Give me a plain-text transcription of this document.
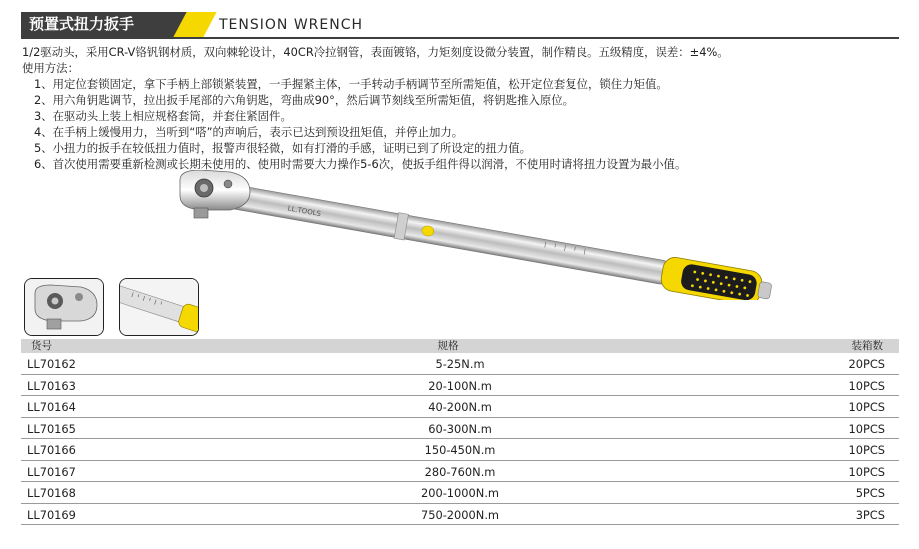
预置式扭力扳手	TENSION WRENCH

1/2驱动头，采用CR-V铬钒钢材质，双向棘轮设计，40CR冷拉钢管，表面镀铬，力矩刻度设微分装置，制作精良。五级精度，误差：±4%。

使用方法：

1、用定位套锁固定，拿下手柄上部锁紧装置，一手握紧主体，一手转动手柄调节至所需矩值，松开定位套复位，锁住力矩值。
2、用六角钥匙调节，拉出扳手尾部的六角钥匙，弯曲成90°，然后调节刻线至所需矩值，将钥匙推入原位。
3、在驱动头上装上相应规格套筒，并套住紧固件。
4、在手柄上缓慢用力，当听到“嗒”的声响后，表示已达到预设扭矩值，并停止加力。
5、小扭力的扳手在较低扭力值时，报警声很轻微，如有打滑的手感，证明已到了所设定的扭力值。
6、首次使用需要重新检测或长期未使用的、使用时需要大力操作5-6次，使扳手组件得以润滑，不使用时请将扭力设置为最小值。
LL.TOOLS
货号	规格	装箱数
LL70162	5-25N.m	20PCS
LL70163	20-100N.m	10PCS
LL70164	40-200N.m	10PCS
LL70165	60-300N.m	10PCS
LL70166	150-450N.m	10PCS
LL70167	280-760N.m	10PCS
LL70168	200-1000N.m	5PCS
LL70169	750-2000N.m	3PCS
